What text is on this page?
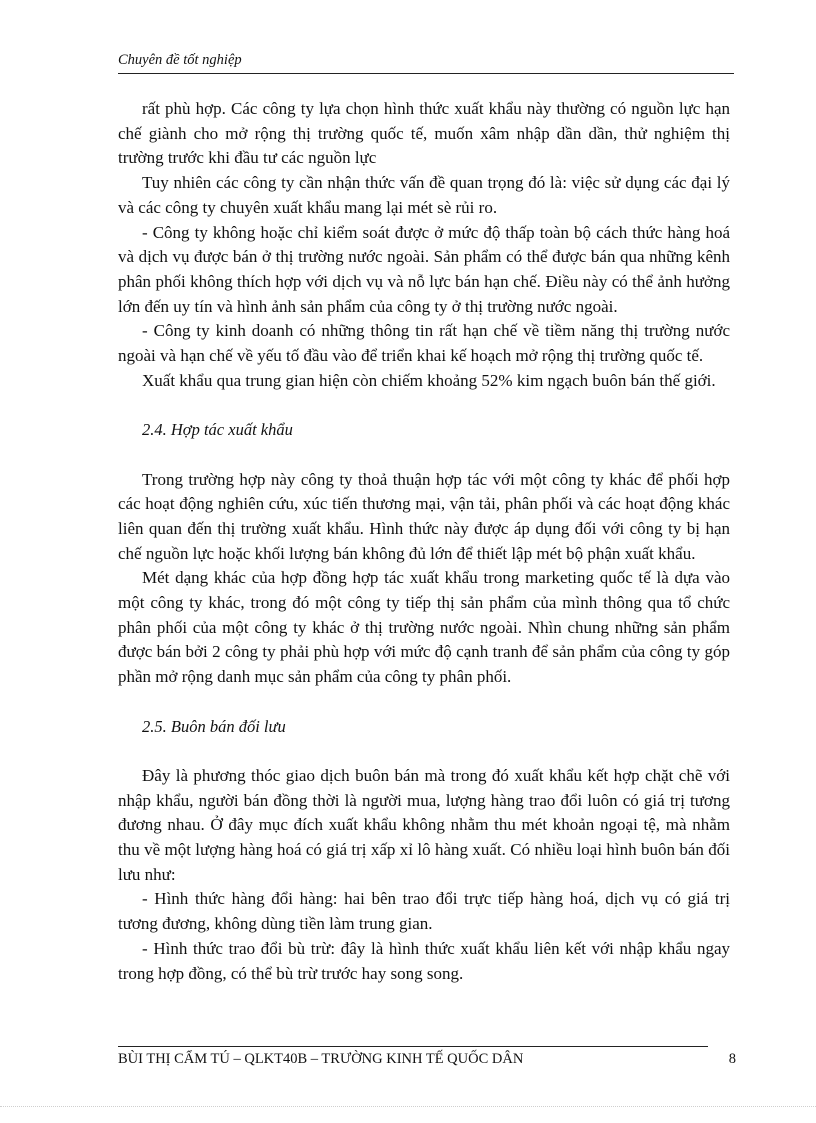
Chuyên đề tốt nghiệp

rất phù hợp. Các công ty lựa chọn hình thức xuất khẩu này thường có nguồn lực hạn chế giành cho mở rộng thị trường quốc tế, muốn xâm nhập dần dần, thử nghiệm thị trường trước khi đầu tư các nguồn lực

Tuy nhiên các công ty cần nhận thức vấn đề quan trọng đó là: việc sử dụng các đại lý và các công ty chuyên xuất khẩu mang lại mét sè rủi ro.

- Công ty không hoặc chỉ kiểm soát được ở mức độ thấp toàn bộ cách thức hàng hoá và dịch vụ được bán ở thị trường nước ngoài. Sản phẩm có thể được bán qua những kênh phân phối không thích hợp với dịch vụ và nỗ lực bán hạn chế. Điều này có thể ảnh hưởng lớn đến uy tín và hình ảnh sản phẩm của công ty ở thị trường nước ngoài.

- Công ty kinh doanh có những thông tin rất hạn chế về tiềm năng thị trường nước ngoài và hạn chế về yếu tố đầu vào để triển khai kế hoạch mở rộng thị trường quốc tế.

Xuất khẩu qua trung gian hiện còn chiếm khoảng 52% kim ngạch buôn bán thế giới.

2.4. Hợp tác xuất khẩu

Trong trường hợp này công ty thoả thuận hợp tác với một công ty khác để phối hợp các hoạt động nghiên cứu, xúc tiến thương mại, vận tải, phân phối và các hoạt động khác liên quan đến thị trường xuất khẩu. Hình thức này được áp dụng đối với công ty bị hạn chế nguồn lực hoặc khối lượng bán không đủ lớn để thiết lập mét bộ phận xuất khẩu.

Mét dạng khác của hợp đồng hợp tác xuất khẩu trong marketing quốc tế là dựa vào một công ty khác, trong đó một công ty tiếp thị sản phẩm của mình thông qua tổ chức phân phối của một công ty khác ở thị trường nước ngoài. Nhìn chung những sản phẩm được bán bởi 2 công ty phải phù hợp với mức độ cạnh tranh để sản phẩm của công ty góp phần mở rộng danh mục sản phẩm của công ty phân phối.

2.5. Buôn bán đối lưu

Đây là phương thóc giao dịch buôn bán mà trong đó xuất khẩu kết hợp chặt chẽ với nhập khẩu, người bán đồng thời là người mua, lượng hàng trao đổi luôn có giá trị tương đương nhau. Ở đây mục đích xuất khẩu không nhằm thu mét khoản ngoại tệ, mà nhằm thu về một lượng hàng hoá có giá trị xấp xỉ lô hàng xuất. Có nhiều loại hình buôn bán đối lưu như:

- Hình thức hàng đổi hàng: hai bên trao đổi trực tiếp hàng hoá, dịch vụ có giá trị tương đương, không dùng tiền làm trung gian.

- Hình thức trao đổi bù trừ: đây là hình thức xuất khẩu liên kết với nhập khẩu ngay trong hợp đồng, có thể bù trừ trước hay song song.

BÙI THỊ CẨM TÚ – QLKT40B – TRƯỜNG KINH TẾ QUỐC DÂN	8
